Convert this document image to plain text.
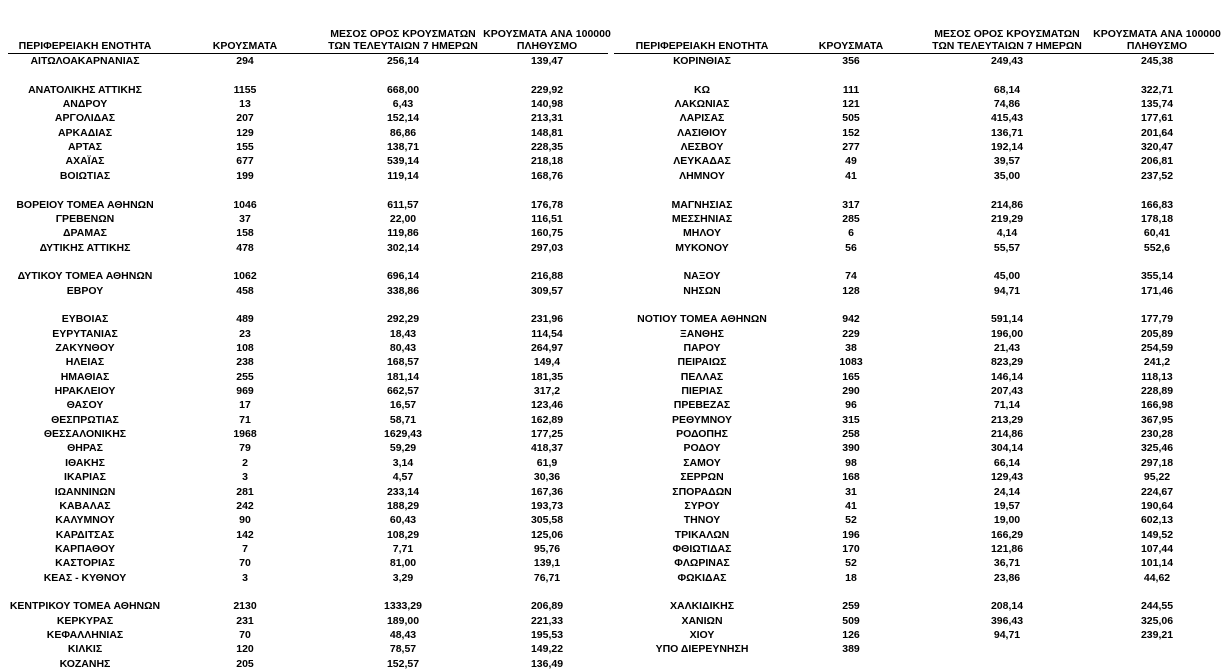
ΠΕΡΙΦΕΡΕΙΑΚΗ ΕΝΟΤΗΤΑ	ΚΡΟΥΣΜΑΤΑ
ΜΕΣΟΣ ΟΡΟΣ ΚΡΟΥΣΜΑΤΩΝ
ΤΩΝ ΤΕΛΕΥΤΑΙΩΝ 7 ΗΜΕΡΩΝ
ΚΡΟΥΣΜΑΤΑ ΑΝΑ 100000
ΠΛΗΘΥΣΜΟ
ΑΙΤΩΛΟΑΚΑΡΝΑΝΙΑΣ	294	256,14	139,47
ΑΝΑΤΟΛΙΚΗΣ ΑΤΤΙΚΗΣ	1155	668,00	229,92
ΑΝΔΡΟΥ	13	6,43	140,98
ΑΡΓΟΛΙΔΑΣ	207	152,14	213,31
ΑΡΚΑΔΙΑΣ	129	86,86	148,81
ΑΡΤΑΣ	155	138,71	228,35
ΑΧΑΪΑΣ	677	539,14	218,18
ΒΟΙΩΤΙΑΣ	199	119,14	168,76
ΒΟΡΕΙΟΥ ΤΟΜΕΑ ΑΘΗΝΩΝ	1046	611,57	176,78
ΓΡΕΒΕΝΩΝ	37	22,00	116,51
ΔΡΑΜΑΣ	158	119,86	160,75
ΔΥΤΙΚΗΣ ΑΤΤΙΚΗΣ	478	302,14	297,03
ΔΥΤΙΚΟΥ ΤΟΜΕΑ ΑΘΗΝΩΝ	1062	696,14	216,88
ΕΒΡΟΥ	458	338,86	309,57
ΕΥΒΟΙΑΣ	489	292,29	231,96
ΕΥΡΥΤΑΝΙΑΣ	23	18,43	114,54
ΖΑΚΥΝΘΟΥ	108	80,43	264,97
ΗΛΕΙΑΣ	238	168,57	149,4
ΗΜΑΘΙΑΣ	255	181,14	181,35
ΗΡΑΚΛΕΙΟΥ	969	662,57	317,2
ΘΑΣΟΥ	17	16,57	123,46
ΘΕΣΠΡΩΤΙΑΣ	71	58,71	162,89
ΘΕΣΣΑΛΟΝΙΚΗΣ	1968	1629,43	177,25
ΘΗΡΑΣ	79	59,29	418,37
ΙΘΑΚΗΣ	2	3,14	61,9
ΙΚΑΡΙΑΣ	3	4,57	30,36
ΙΩΑΝΝΙΝΩΝ	281	233,14	167,36
ΚΑΒΑΛΑΣ	242	188,29	193,73
ΚΑΛΥΜΝΟΥ	90	60,43	305,58
ΚΑΡΔΙΤΣΑΣ	142	108,29	125,06
ΚΑΡΠΑΘΟΥ	7	7,71	95,76
ΚΑΣΤΟΡΙΑΣ	70	81,00	139,1
ΚΕΑΣ - ΚΥΘΝΟΥ	3	3,29	76,71
ΚΕΝΤΡΙΚΟΥ ΤΟΜΕΑ ΑΘΗΝΩΝ	2130	1333,29	206,89
ΚΕΡΚΥΡΑΣ	231	189,00	221,33
ΚΕΦΑΛΛΗΝΙΑΣ	70	48,43	195,53
ΚΙΛΚΙΣ	120	78,57	149,22
ΚΟΖΑΝΗΣ	205	152,57	136,49
ΠΕΡΙΦΕΡΕΙΑΚΗ ΕΝΟΤΗΤΑ	ΚΡΟΥΣΜΑΤΑ
ΜΕΣΟΣ ΟΡΟΣ ΚΡΟΥΣΜΑΤΩΝ
ΤΩΝ ΤΕΛΕΥΤΑΙΩΝ 7 ΗΜΕΡΩΝ
ΚΡΟΥΣΜΑΤΑ ΑΝΑ 100000
ΠΛΗΘΥΣΜΟ
ΚΟΡΙΝΘΙΑΣ	356	249,43	245,38
ΚΩ	111	68,14	322,71
ΛΑΚΩΝΙΑΣ	121	74,86	135,74
ΛΑΡΙΣΑΣ	505	415,43	177,61
ΛΑΣΙΘΙΟΥ	152	136,71	201,64
ΛΕΣΒΟΥ	277	192,14	320,47
ΛΕΥΚΑΔΑΣ	49	39,57	206,81
ΛΗΜΝΟΥ	41	35,00	237,52
ΜΑΓΝΗΣΙΑΣ	317	214,86	166,83
ΜΕΣΣΗΝΙΑΣ	285	219,29	178,18
ΜΗΛΟΥ	6	4,14	60,41
ΜΥΚΟΝΟΥ	56	55,57	552,6
ΝΑΞΟΥ	74	45,00	355,14
ΝΗΣΩΝ	128	94,71	171,46
ΝΟΤΙΟΥ ΤΟΜΕΑ ΑΘΗΝΩΝ	942	591,14	177,79
ΞΑΝΘΗΣ	229	196,00	205,89
ΠΑΡΟΥ	38	21,43	254,59
ΠΕΙΡΑΙΩΣ	1083	823,29	241,2
ΠΕΛΛΑΣ	165	146,14	118,13
ΠΙΕΡΙΑΣ	290	207,43	228,89
ΠΡΕΒΕΖΑΣ	96	71,14	166,98
ΡΕΘΥΜΝΟΥ	315	213,29	367,95
ΡΟΔΟΠΗΣ	258	214,86	230,28
ΡΟΔΟΥ	390	304,14	325,46
ΣΑΜΟΥ	98	66,14	297,18
ΣΕΡΡΩΝ	168	129,43	95,22
ΣΠΟΡΑΔΩΝ	31	24,14	224,67
ΣΥΡΟΥ	41	19,57	190,64
ΤΗΝΟΥ	52	19,00	602,13
ΤΡΙΚΑΛΩΝ	196	166,29	149,52
ΦΘΙΩΤΙΔΑΣ	170	121,86	107,44
ΦΛΩΡΙΝΑΣ	52	36,71	101,14
ΦΩΚΙΔΑΣ	18	23,86	44,62
ΧΑΛΚΙΔΙΚΗΣ	259	208,14	244,55
ΧΑΝΙΩΝ	509	396,43	325,06
ΧΙΟΥ	126	94,71	239,21
ΥΠΟ ΔΙΕΡΕΥΝΗΣΗ	389
